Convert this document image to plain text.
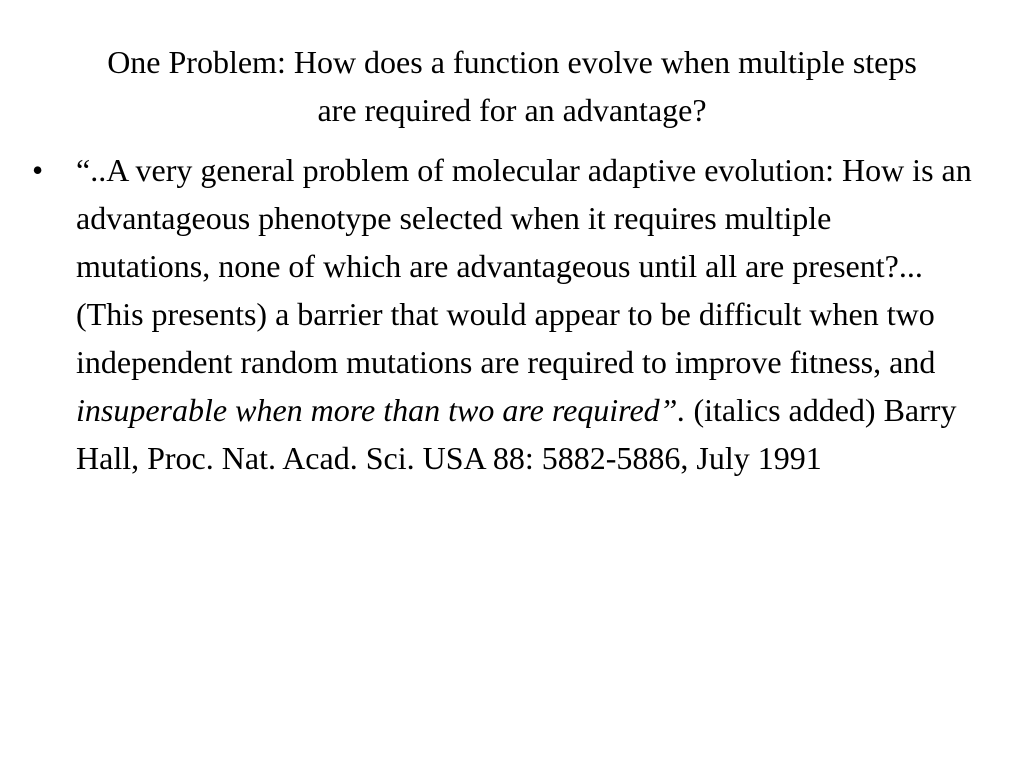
One Problem: How does a function evolve when multiple steps are required for an advantage?
•	“..A very general problem of molecular adaptive evolution: How is an advantageous phenotype selected when it requires multiple mutations, none of which are advantageous until all are present?... (This presents) a barrier that would appear to be difficult when two independent random mutations are required to improve fitness, and insuperable when more than two are required”. (italics added) Barry Hall, Proc. Nat. Acad. Sci. USA 88: 5882-5886, July 1991
